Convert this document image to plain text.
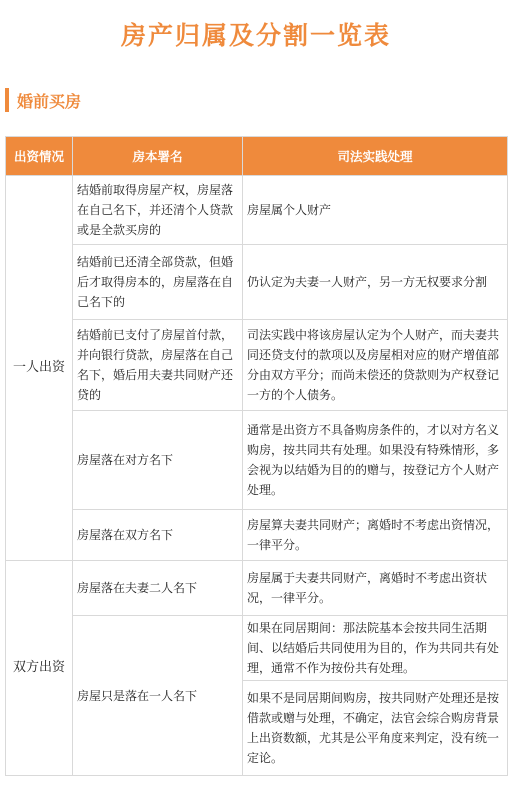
房产归属及分割一览表
婚前买房
出资情况	房本署名	司法实践处理
一人出资	结婚前取得房屋产权，房屋落在自己名下，并还清个人贷款或是全款买房的	房屋属个人财产
	结婚前已还清全部贷款，但婚后才取得房本的，房屋落在自己名下的	仍认定为夫妻一人财产，另一方无权要求分割
	结婚前已支付了房屋首付款，并向银行贷款，房屋落在自己名下，婚后用夫妻共同财产还贷的	司法实践中将该房屋认定为个人财产，而夫妻共同还贷支付的款项以及房屋相对应的财产增值部分由双方平分；而尚未偿还的贷款则为产权登记一方的个人债务。
	房屋落在对方名下	通常是出资方不具备购房条件的，才以对方名义购房，按共同共有处理。如果没有特殊情形，多会视为以结婚为目的的赠与，按登记方个人财产处理。
	房屋落在双方名下	房屋算夫妻共同财产；离婚时不考虑出资情况，一律平分。
双方出资	房屋落在夫妻二人名下	房屋属于夫妻共同财产，离婚时不考虑出资状况，一律平分。
	房屋只是落在一人名下	如果在同居期间：那法院基本会按共同生活期间、以结婚后共同使用为目的，作为共同共有处理，通常不作为按份共有处理。
		如果不是同居期间购房，按共同财产处理还是按借款或赠与处理，不确定，法官会综合购房背景上出资数额，尤其是公平角度来判定，没有统一定论。
